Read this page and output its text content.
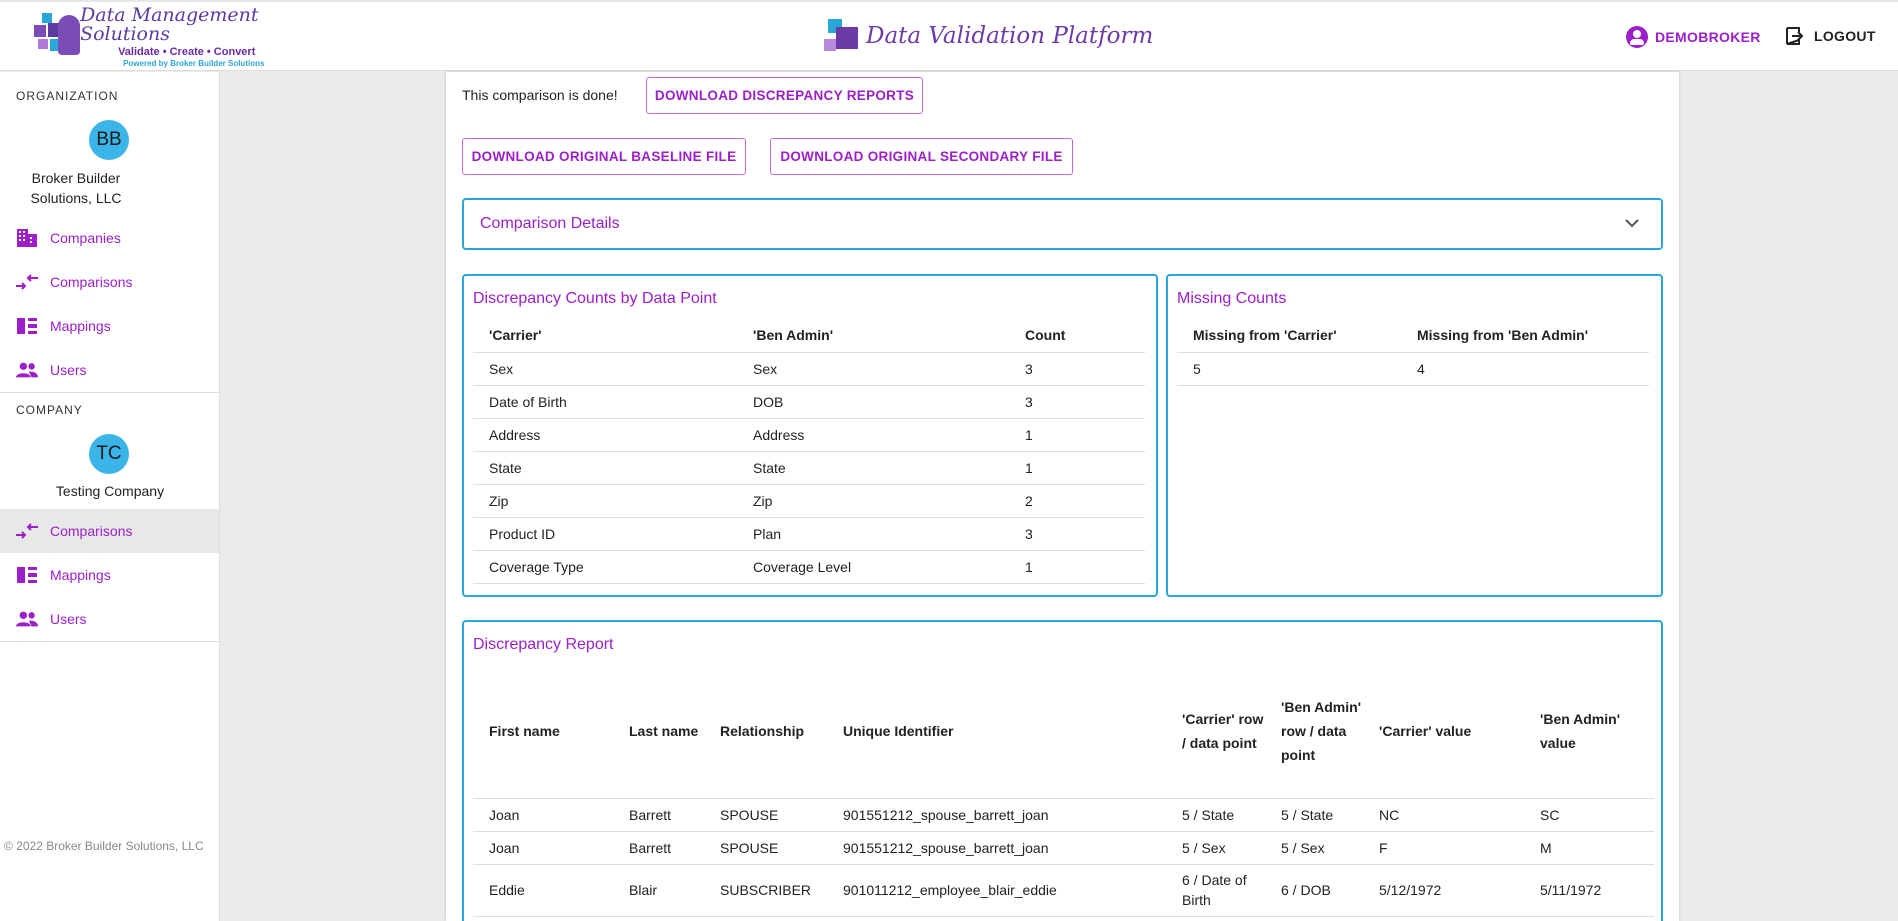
Data Management Solutions
Validate • Create • Convert
Powered by Broker Builder Solutions
Data Validation Platform	DEMOBROKER	LOGOUT
ORGANIZATION
BB
Broker Builder
Solutions, LLC
Companies
Comparisons
Mappings
Users
COMPANY
TC
Testing Company
Comparisons
Mappings
Users
© 2022 Broker Builder Solutions, LLC
This comparison is done!	DOWNLOAD DISCREPANCY REPORTS
DOWNLOAD ORIGINAL BASELINE FILE	DOWNLOAD ORIGINAL SECONDARY FILE
Comparison Details
Discrepancy Counts by Data Point
'Carrier'	'Ben Admin'	Count
Sex	Sex	3
Date of Birth	DOB	3
Address	Address	1
State	State	1
Zip	Zip	2
Product ID	Plan	3
Coverage Type	Coverage Level	1
Missing Counts
Missing from 'Carrier'	Missing from 'Ben Admin'
5	4
Discrepancy Report
First name	Last name	Relationship	Unique Identifier	'Carrier' row / data point	'Ben Admin' row / data point	'Carrier' value	'Ben Admin' value
Joan	Barrett	SPOUSE	901551212_spouse_barrett_joan	5 / State	5 / State	NC	SC
Joan	Barrett	SPOUSE	901551212_spouse_barrett_joan	5 / Sex	5 / Sex	F	M
Eddie	Blair	SUBSCRIBER	901011212_employee_blair_eddie	6 / Date of Birth	6 / DOB	5/12/1972	5/11/1972
